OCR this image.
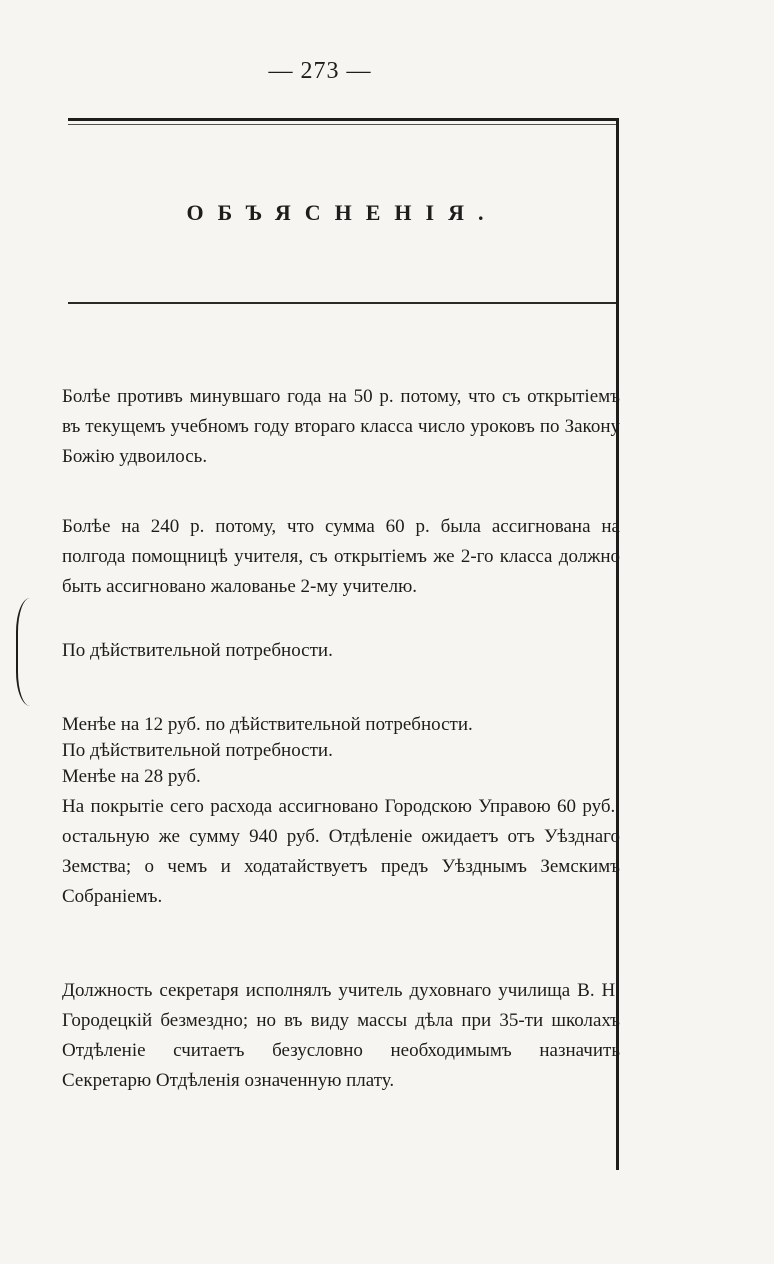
— 273 —
ОБЪЯСНЕНІЯ.
Болѣе противъ минувшаго года на 50 р. потому, что съ открытіемъ въ текущемъ учебномъ году втораго класса число уроковъ по Закону Божію удвоилось.
Болѣе на 240 р. потому, что сумма 60 р. была ассигнована на полгода помощницѣ учителя, съ открытіемъ же 2-го класса должно быть ассигновано жалованье 2-му учителю.
По дѣйствительной потребности.
Менѣе на 12 руб. по дѣйствительной потребности.
По дѣйствительной потребности.
Менѣе на 28 руб.
На покрытіе сего расхода ассигновано Городскою Управою 60 руб., остальную же сумму 940 руб. Отдѣленіе ожидаетъ отъ Уѣзднаго Земства; о чемъ и ходатайствуетъ предъ Уѣзднымъ Земскимъ Собраніемъ.
Должность секретаря исполнялъ учитель духовнаго училища В. Н. Городецкій безмездно; но въ виду массы дѣла при 35-ти школахъ Отдѣленіе считаетъ безусловно необходимымъ назначить Секретарю Отдѣленія означенную плату.
